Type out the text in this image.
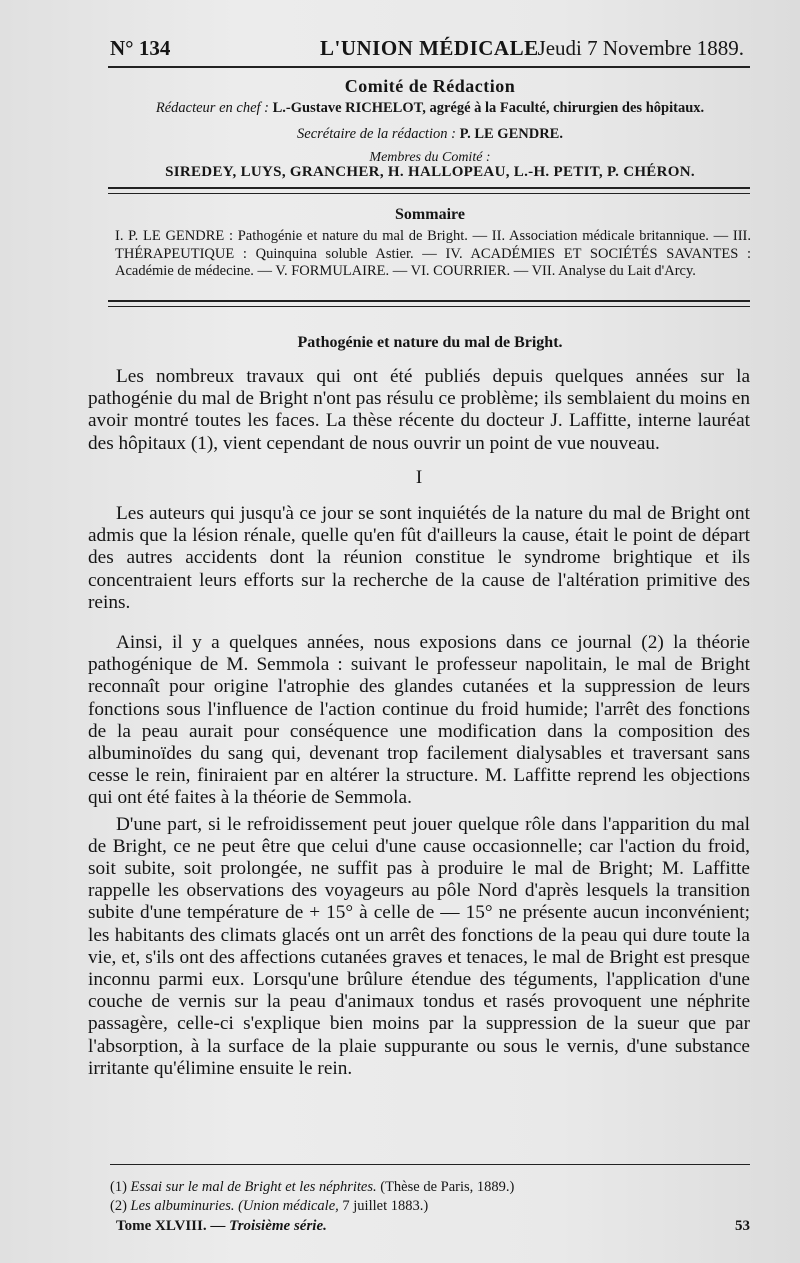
N° 134	L'UNION MÉDICALE
Jeudi 7 Novembre 1889.
Comité de Rédaction
Rédacteur en chef : L.-Gustave RICHELOT, agrégé à la Faculté, chirurgien des hôpitaux.
Secrétaire de la rédaction : P. LE GENDRE.
Membres du Comité :
SIREDEY, LUYS, GRANCHER, H. HALLOPEAU, L.-H. PETIT, P. CHÉRON.
Sommaire
I. P. LE GENDRE : Pathogénie et nature du mal de Bright. — II. Association médicale britannique. — III. THÉRAPEUTIQUE : Quinquina soluble Astier. — IV. ACADÉMIES ET SOCIÉTÉS SAVANTES : Académie de médecine. — V. FORMULAIRE. — VI. COURRIER. — VII. Analyse du Lait d'Arcy.
Pathogénie et nature du mal de Bright.

Les nombreux travaux qui ont été publiés depuis quelques années sur la pathogénie du mal de Bright n'ont pas résulu ce problème; ils semblaient du moins en avoir montré toutes les faces. La thèse récente du docteur J. Laffitte, interne lauréat des hôpitaux (1), vient cependant de nous ouvrir un point de vue nouveau.

I

Les auteurs qui jusqu'à ce jour se sont inquiétés de la nature du mal de Bright ont admis que la lésion rénale, quelle qu'en fût d'ailleurs la cause, était le point de départ des autres accidents dont la réunion constitue le syndrome brightique et ils concentraient leurs efforts sur la recherche de la cause de l'altération primitive des reins.

Ainsi, il y a quelques années, nous exposions dans ce journal (2) la théorie pathogénique de M. Semmola : suivant le professeur napolitain, le mal de Bright reconnaît pour origine l'atrophie des glandes cutanées et la suppression de leurs fonctions sous l'influence de l'action continue du froid humide; l'arrêt des fonctions de la peau aurait pour conséquence une modification dans la composition des albuminoïdes du sang qui, devenant trop facilement dialysables et traversant sans cesse le rein, finiraient par en altérer la structure. M. Laffitte reprend les objections qui ont été faites à la théorie de Semmola.

D'une part, si le refroidissement peut jouer quelque rôle dans l'apparition du mal de Bright, ce ne peut être que celui d'une cause occasionnelle; car l'action du froid, soit subite, soit prolongée, ne suffit pas à produire le mal de Bright; M. Laffitte rappelle les observations des voyageurs au pôle Nord d'après lesquels la transition subite d'une température de + 15° à celle de — 15° ne présente aucun inconvénient; les habitants des climats glacés ont un arrêt des fonctions de la peau qui dure toute la vie, et, s'ils ont des affections cutanées graves et tenaces, le mal de Bright est presque inconnu parmi eux. Lorsqu'une brûlure étendue des téguments, l'application d'une couche de vernis sur la peau d'animaux tondus et rasés provoquent une néphrite passagère, celle-ci s'explique bien moins par la suppression de la sueur que par l'absorption, à la surface de la plaie suppurante ou sous le vernis, d'une substance irritante qu'élimine ensuite le rein.

(1) Essai sur le mal de Bright et les néphrites. (Thèse de Paris, 1889.)
(2) Les albuminuries. (Union médicale, 7 juillet 1883.)
Tome XLVIII. — Troisième série.	53
